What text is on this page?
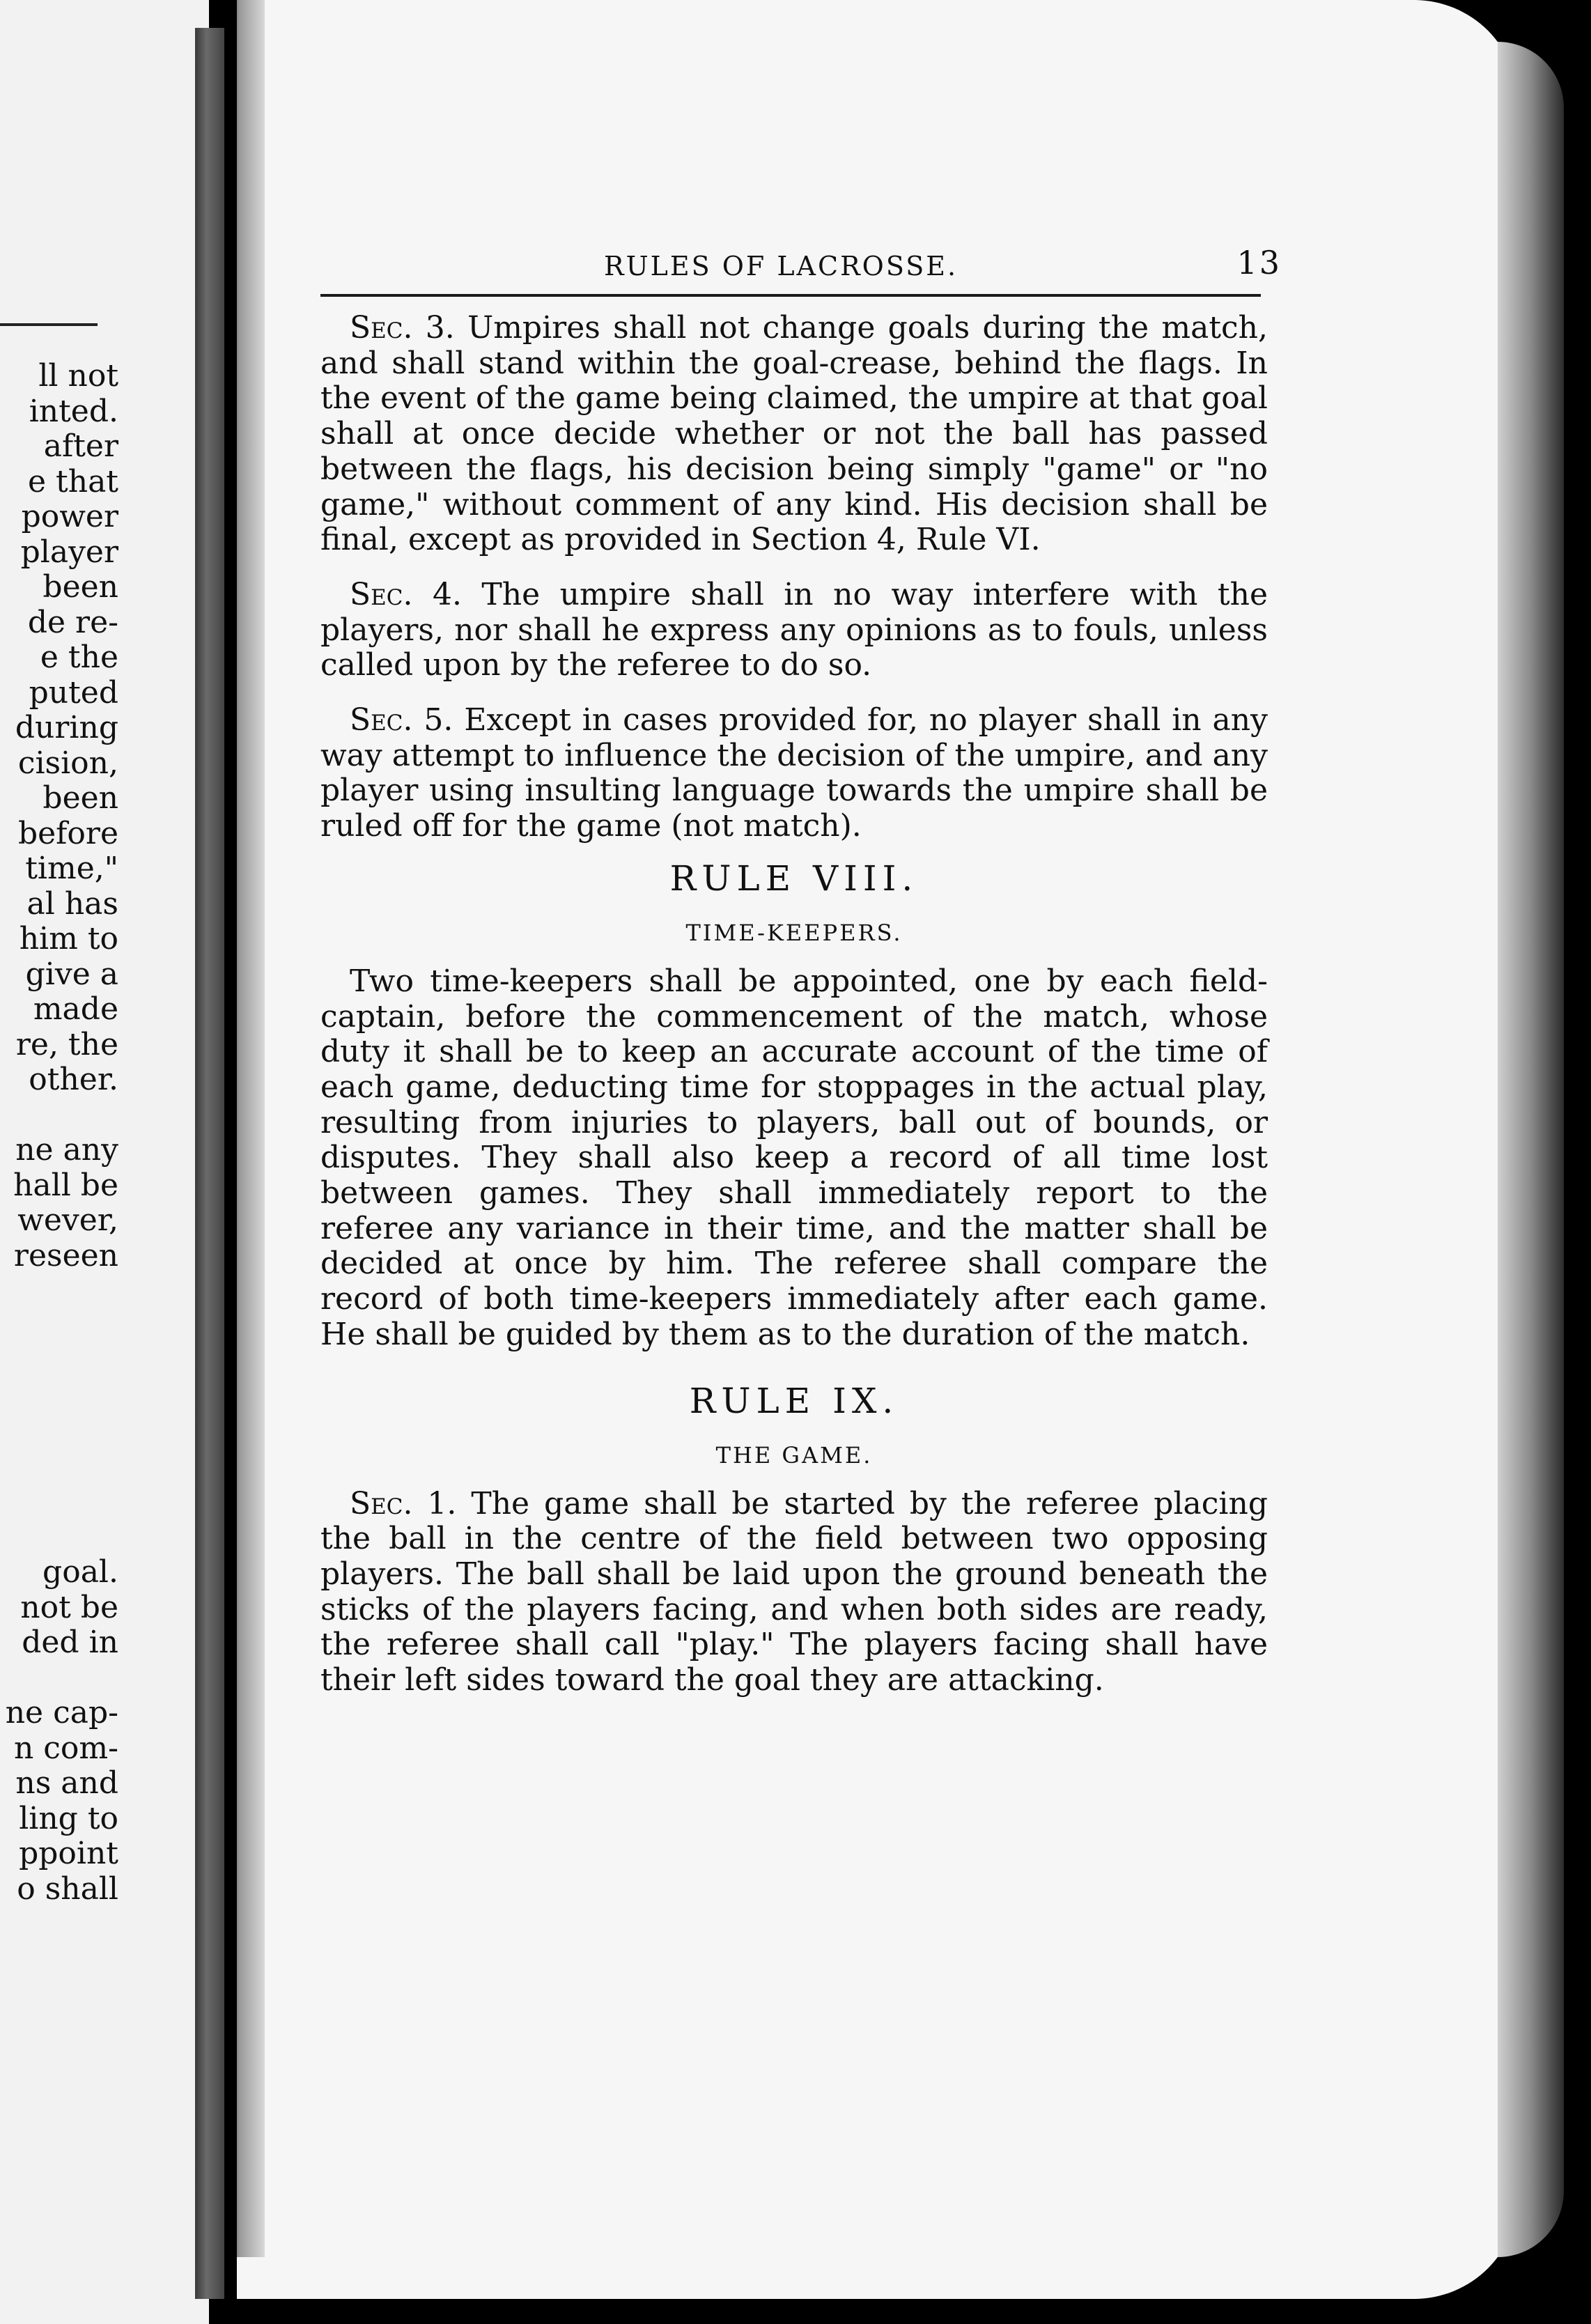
ll not
inted.
after
e that
power
player
been
de re-
e the
puted
during
cision,
been
before
time,"
al has
him to
give a
made
re, the
other.
ne any
hall be
wever,
reseen
goal.
not be
ded in
ne cap-
n com-
ns and
ling to
ppoint
o shall
RULES OF LACROSSE.	13

Sec. 3. Umpires shall not change goals during the match, and shall stand within the goal-crease, behind the flags. In the event of the game being claimed, the umpire at that goal shall at once decide whether or not the ball has passed between the flags, his decision being simply "game" or "no game," without comment of any kind. His decision shall be final, except as provided in Section 4, Rule VI.

Sec. 4. The umpire shall in no way interfere with the players, nor shall he express any opinions as to fouls, unless called upon by the referee to do so.

Sec. 5. Except in cases provided for, no player shall in any way attempt to influence the decision of the umpire, and any player using insulting language towards the umpire shall be ruled off for the game (not match).

RULE VIII.
TIME-KEEPERS.

Two time-keepers shall be appointed, one by each field-captain, before the commencement of the match, whose duty it shall be to keep an accurate account of the time of each game, deducting time for stoppages in the actual play, resulting from injuries to players, ball out of bounds, or disputes. They shall also keep a record of all time lost between games. They shall immediately report to the referee any variance in their time, and the matter shall be decided at once by him. The referee shall compare the record of both time-keepers immediately after each game. He shall be guided by them as to the duration of the match.

RULE IX.
THE GAME.

Sec. 1. The game shall be started by the referee placing the ball in the centre of the field between two opposing players. The ball shall be laid upon the ground beneath the sticks of the players facing, and when both sides are ready, the referee shall call "play." The players facing shall have their left sides toward the goal they are attacking.
